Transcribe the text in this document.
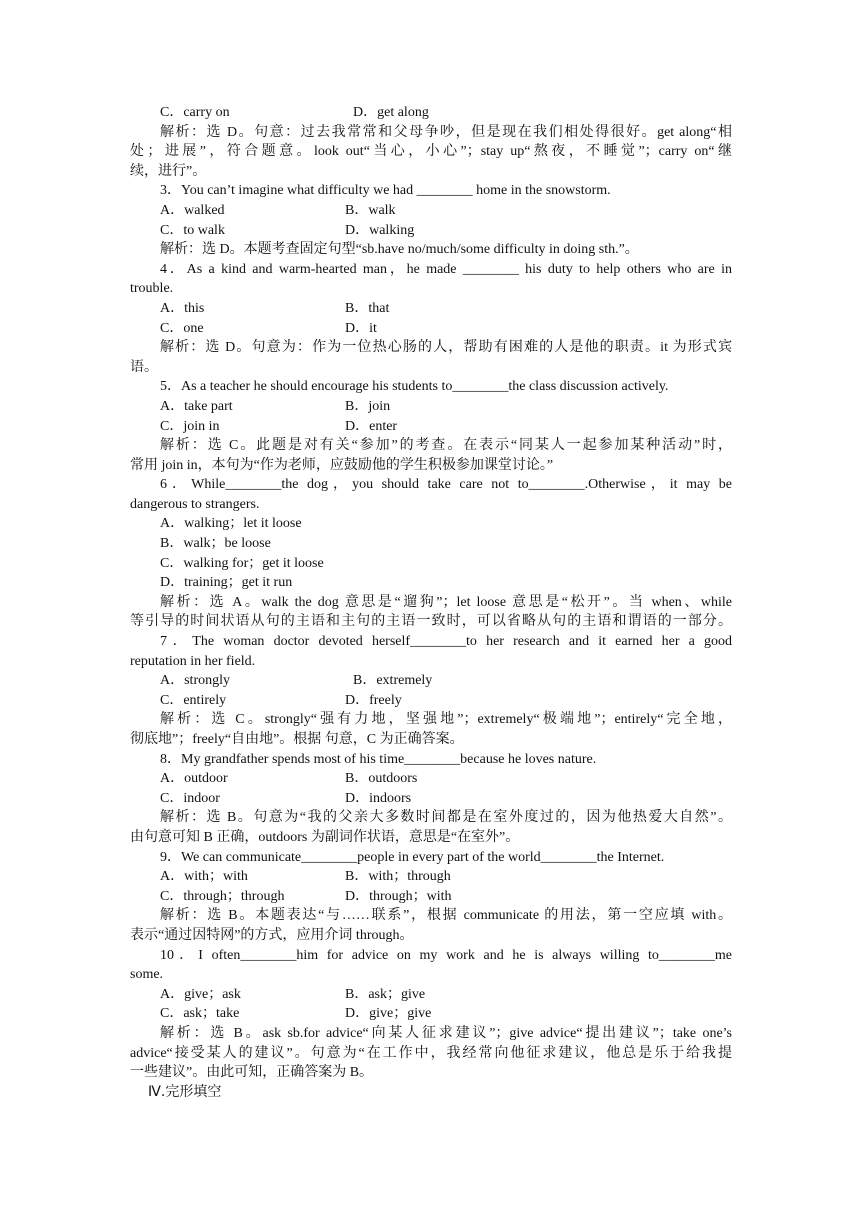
C．carry on	D．get along
解析：选 D。句意：过去我常常和父母争吵，但是现在我们相处得很好。get along“相
处；进展”，符合题意。look out“当心，小心”；stay up“熬夜，不睡觉”；carry on“继
续，进行”。
3．You can’t imagine what difficulty we had ________ home in the snowstorm.
A．walked	B．walk
C．to walk	D．walking
解析：选 D。本题考查固定句型“sb.have no/much/some difficulty in doing sth.”。
4．As a kind and warm-hearted man，he made ________ his duty to help others who are in
trouble.
A．this	B．that
C．one	D．it
解析：选 D。句意为：作为一位热心肠的人，帮助有困难的人是他的职责。it 为形式宾
语。
5．As a teacher he should encourage his students to________the class discussion actively.
A．take part	B．join
C．join in	D．enter
解析：选 C。此题是对有关“参加”的考查。在表示“同某人一起参加某种活动”时，
常用 join in，本句为“作为老师，应鼓励他的学生积极参加课堂讨论。”
6．While________the dog，you should take care not to________.Otherwise，it may be
dangerous to strangers.
A．walking；let it loose
B．walk；be loose
C．walking for；get it loose
D．training；get it run
解析：选 A。walk the dog 意思是“遛狗”；let loose 意思是“松开”。当 when、while
等引导的时间状语从句的主语和主句的主语一致时，可以省略从句的主语和谓语的一部分。
7．The woman doctor devoted herself________to her research and it earned her a good
reputation in her field.
A．strongly	B．extremely
C．entirely	D．freely
解析：选 C。strongly“强有力地，坚强地”；extremely“极端地”；entirely“完全地，
彻底地”；freely“自由地”。根据 句意，C 为正确答案。
8．My grandfather spends most of his time________because he loves nature.
A．outdoor	B．outdoors
C．indoor	D．indoors
解析：选 B。句意为“我的父亲大多数时间都是在室外度过的，因为他热爱大自然”。
由句意可知 B 正确，outdoors 为副词作状语，意思是“在室外”。
9．We can communicate________people in every part of the world________the Internet.
A．with；with	B．with；through
C．through；through	D．through；with
解析：选 B。本题表达“与……联系”，根据 communicate 的用法，第一空应填 with。
表示“通过因特网”的方式，应用介词 through。
10．I often________him for advice on my work and he is always willing to________me
some.
A．give；ask	B．ask；give
C．ask；take	D．give；give
解析：选 B。ask sb.for advice“向某人征求建议”；give advice“提出建议”；take one’s
advice“接受某人的建议”。句意为“在工作中，我经常向他征求建议，他总是乐于给我提
一些建议”。由此可知，正确答案为 B。
Ⅳ.完形填空
